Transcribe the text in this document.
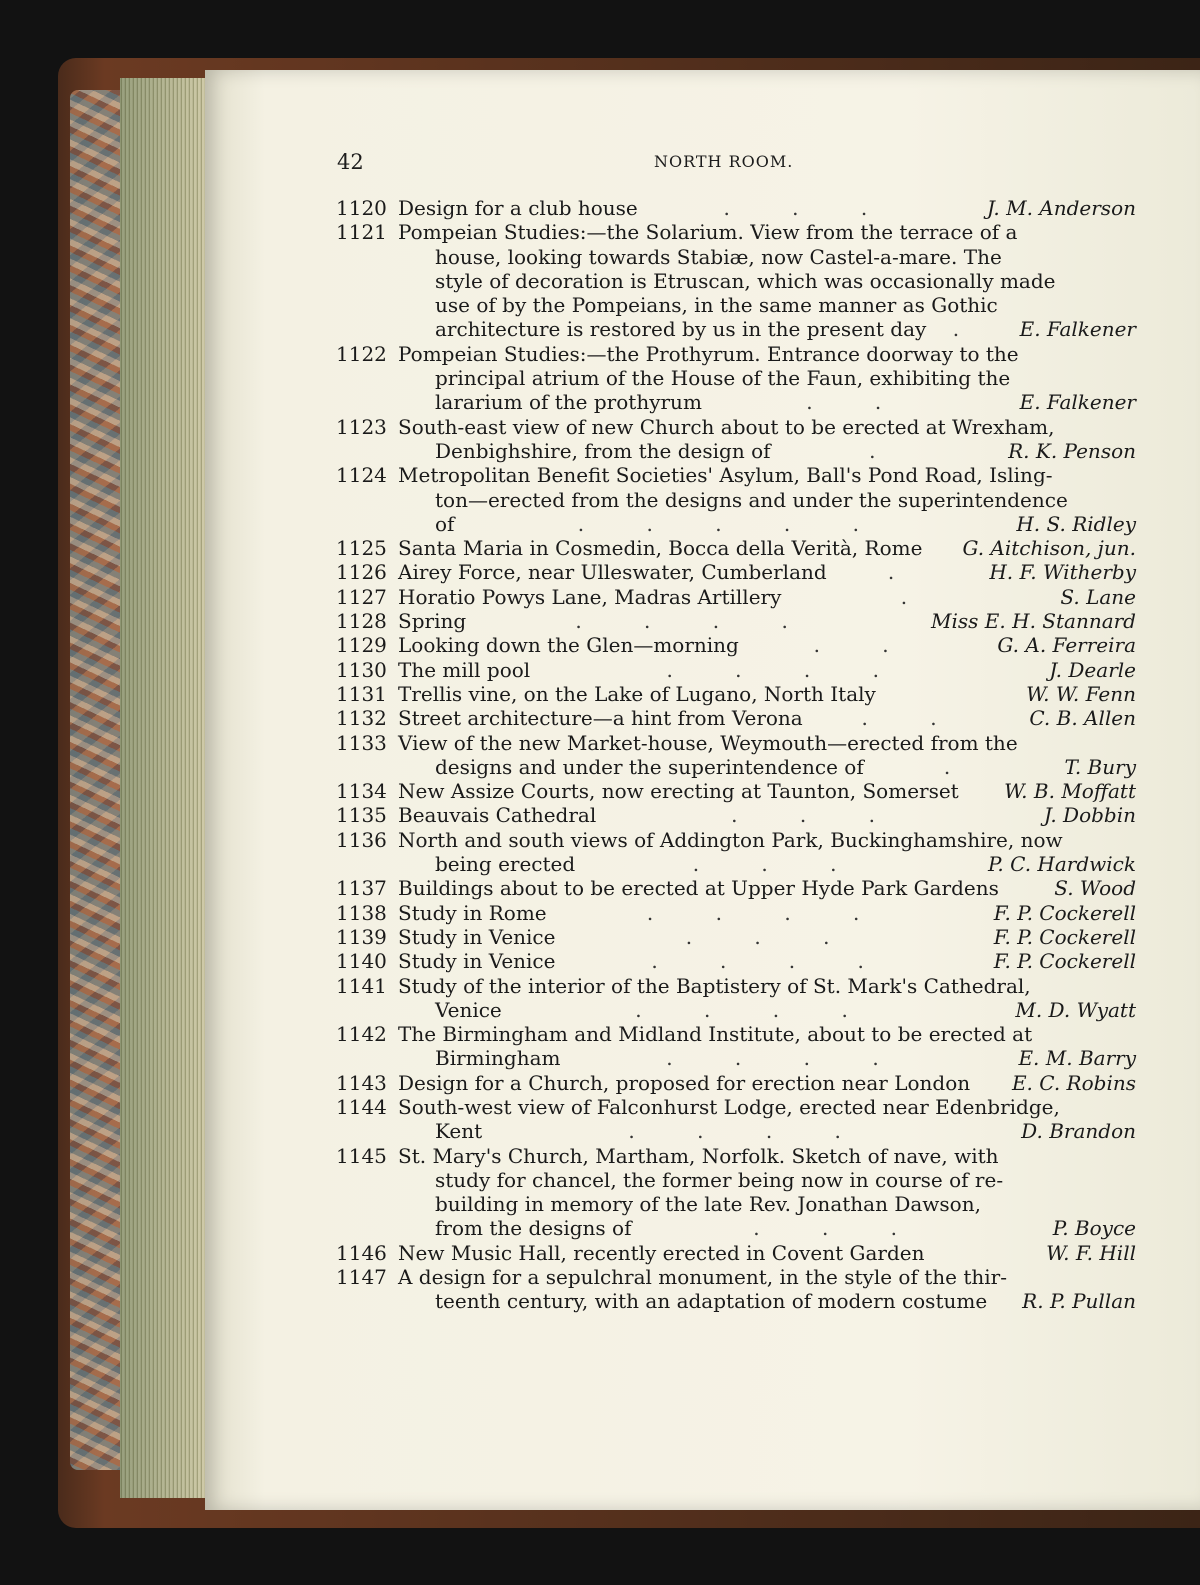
42	NORTH ROOM.
1120 Design for a club house	. . .	J. M. Anderson
1121 Pompeian Studies:—the Solarium. View from the terrace of a
house, looking towards Stabiæ, now Castel-a-mare. The
style of decoration is Etruscan, which was occasionally made
use of by the Pompeians, in the same manner as Gothic
architecture is restored by us in the present day	.	E. Falkener
1122 Pompeian Studies:—the Prothyrum. Entrance doorway to the
principal atrium of the House of the Faun, exhibiting the
lararium of the prothyrum	. .	E. Falkener
1123 South-east view of new Church about to be erected at Wrexham,
Denbighshire, from the design of	.	R. K. Penson
1124 Metropolitan Benefit Societies' Asylum, Ball's Pond Road, Isling-
ton—erected from the designs and under the superintendence
of	. . . . .	H. S. Ridley
1125 Santa Maria in Cosmedin, Bocca della Verità, Rome	G. Aitchison, jun.
1126 Airey Force, near Ulleswater, Cumberland	.	H. F. Witherby
1127 Horatio Powys Lane, Madras Artillery	.	S. Lane
1128 Spring	. . . .	Miss E. H. Stannard
1129 Looking down the Glen—morning	. .	G. A. Ferreira
1130 The mill pool	. . . .	J. Dearle
1131 Trellis vine, on the Lake of Lugano, North Italy	W. W. Fenn
1132 Street architecture—a hint from Verona	. .	C. B. Allen
1133 View of the new Market-house, Weymouth—erected from the
designs and under the superintendence of	.	T. Bury
1134 New Assize Courts, now erecting at Taunton, Somerset	W. B. Moffatt
1135 Beauvais Cathedral	. . .	J. Dobbin
1136 North and south views of Addington Park, Buckinghamshire, now
being erected	. . .	P. C. Hardwick
1137 Buildings about to be erected at Upper Hyde Park Gardens	S. Wood
1138 Study in Rome	. . . .	F. P. Cockerell
1139 Study in Venice	. . .	F. P. Cockerell
1140 Study in Venice	. . . .	F. P. Cockerell
1141 Study of the interior of the Baptistery of St. Mark's Cathedral,
Venice	. . . .	M. D. Wyatt
1142 The Birmingham and Midland Institute, about to be erected at
Birmingham	. . . .	E. M. Barry
1143 Design for a Church, proposed for erection near London	E. C. Robins
1144 South-west view of Falconhurst Lodge, erected near Edenbridge,
Kent	. . . .	D. Brandon
1145 St. Mary's Church, Martham, Norfolk. Sketch of nave, with
study for chancel, the former being now in course of re-
building in memory of the late Rev. Jonathan Dawson,
from the designs of	. . .	P. Boyce
1146 New Music Hall, recently erected in Covent Garden	W. F. Hill
1147 A design for a sepulchral monument, in the style of the thir-
teenth century, with an adaptation of modern costume	R. P. Pullan
